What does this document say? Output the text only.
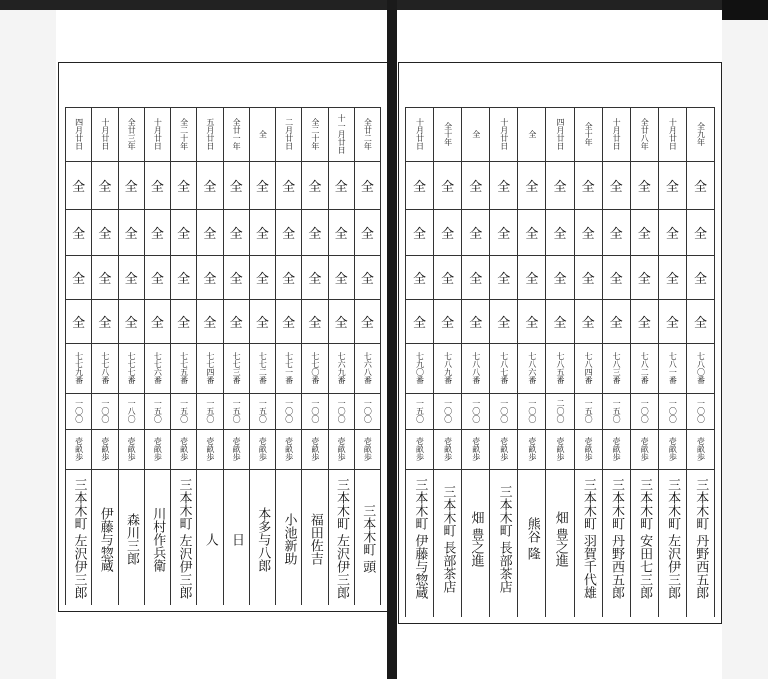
全廿二年
全
全
全
全
七六八番
一〇〇
壱畝歩
三本木町 頭
十一月廿日
全
全
全
全
七六九番
一〇〇
壱畝歩
三本木町 左沢伊三郎
全二十年
全
全
全
全
七七〇番
一〇〇
壱畝歩
福田佐吉
二月廿日
全
全
全
全
七七一番
一〇〇
壱畝歩
小池新助
全
全
全
全
全
七七二番
一五〇
壱畝歩
本多与八郎
全廿一年
全
全
全
全
七七三番
一五〇
壱畝歩
日
五月廿日
全
全
全
全
七七四番
一五〇
壱畝歩
人
全二十年
全
全
全
全
七七五番
一五〇
壱畝歩
三本木町 左沢伊三郎
十月廿日
全
全
全
全
七七六番
一五〇
壱畝歩
川村作兵衛
全廿三年
全
全
全
全
七七七番
一八〇
壱畝歩
森川三郎
十月廿日
全
全
全
全
七七八番
一〇〇
壱畝歩
伊藤与惣蔵
四月廿日
全
全
全
全
七七九番
一〇〇
壱畝歩
三本木町 左沢伊三郎
全九年
全
全
全
全
七八〇番
一〇〇
壱畝歩
三本木町 丹野西五郎
十月廿日
全
全
全
全
七八一番
一〇〇
壱畝歩
三本木町 左沢伊三郎
全廿八年
全
全
全
全
七八二番
一〇〇
壱畝歩
三本木町 安田七三郎
十月廿日
全
全
全
全
七八三番
一五〇
壱畝歩
三本木町 丹野西五郎
全十年
全
全
全
全
七八四番
一五〇
壱畝歩
三本木町 羽賀千代雄
四月廿日
全
全
全
全
七八五番
二〇〇
壱畝歩
畑 豊之進
全
全
全
全
全
七八六番
一〇〇
壱畝歩
熊谷 隆
十月廿日
全
全
全
全
七八七番
一〇〇
壱畝歩
三本木町 長部茶店
全
全
全
全
全
七八八番
一〇〇
壱畝歩
畑 豊之進
全十年
全
全
全
全
七八九番
一〇〇
壱畝歩
三本木町 長部茶店
十月廿日
全
全
全
全
七九〇番
一五〇
壱畝歩
三本木町 伊藤与惣蔵
